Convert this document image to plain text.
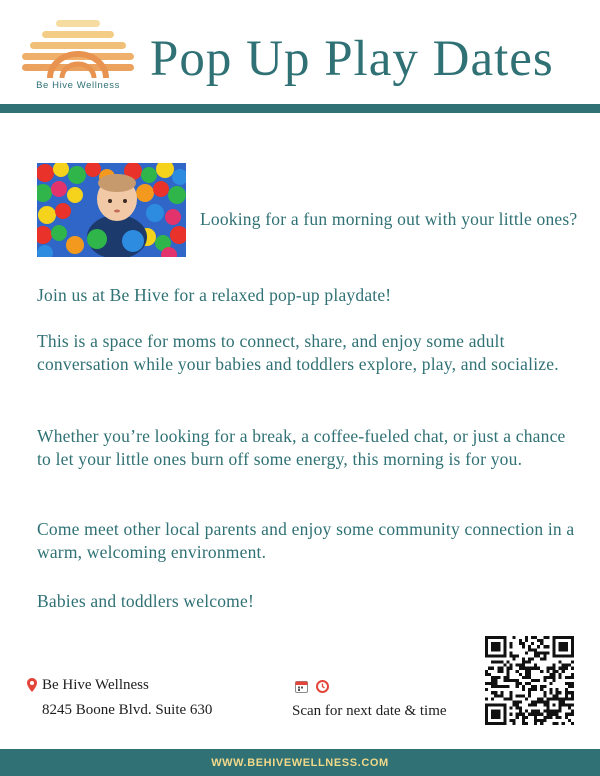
Be Hive Wellness Pop Up Play Dates

Looking for a fun morning out with your little ones?

Join us at Be Hive for a relaxed pop-up playdate!

This is a space for moms to connect, share, and enjoy some adult conversation while your babies and toddlers explore, play, and socialize.

Whether you’re looking for a break, a coffee-fueled chat, or just a chance to let your little ones burn off some energy, this morning is for you.

Come meet other local parents and enjoy some community connection in a warm, welcoming environment.

Babies and toddlers welcome!

Be Hive Wellness
8245 Boone Blvd. Suite 630	Scan for next date & time
WWW.BEHIVEWELLNESS.COM
